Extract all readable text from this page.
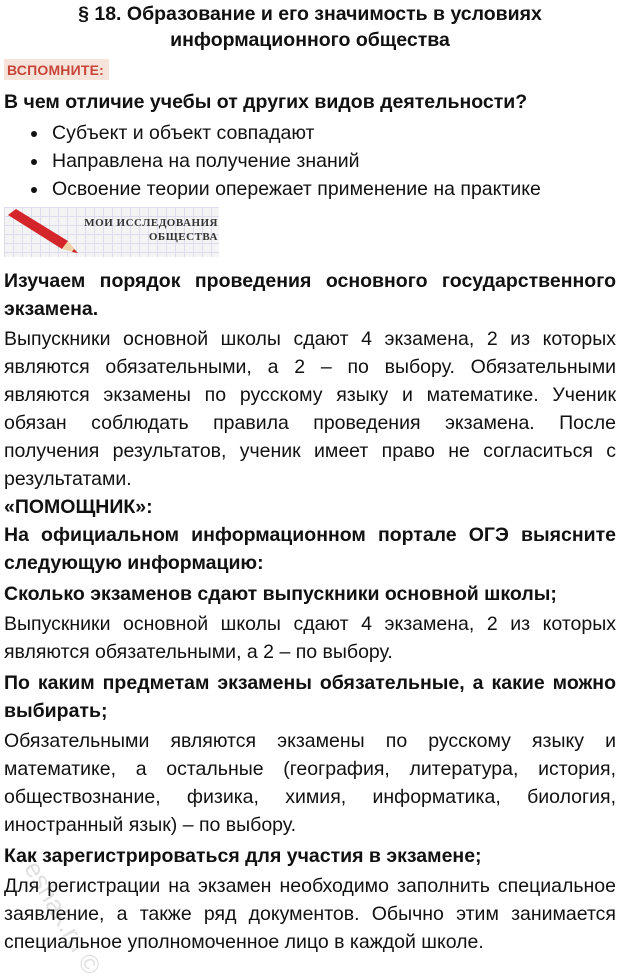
§ 18. Образование и его значимость в условиях
информационного общества

ВСПОМНИТЕ:

В чем отличие учебы от других видов деятельности?

Субъект и объект совпадают
Направлена на получение знаний
Освоение теории опережает применение на практике
МОИ ИССЛЕДОВАНИЯ
ОБЩЕСТВА

Изучаем порядок проведения основного государственного экзамена.

Выпускники основной школы сдают 4 экзамена, 2 из которых являются обязательными, а 2 – по выбору. Обязательными являются экзамены по русскому языку и математике. Ученик обязан соблюдать правила проведения экзамена. После получения результатов, ученик имеет право не согласиться с результатами.

«ПОМОЩНИК»:

На официальном информационном портале ОГЭ выясните следующую информацию:

Сколько экзаменов сдают выпускники основной школы;

Выпускники основной школы сдают 4 экзамена, 2 из которых являются обязательными, а 2 – по выбору.

По каким предметам экзамены обязательные, а какие можно выбирать;

Обязательными являются экзамены по русскому языку и математике, а остальные (география, литература, история, обществознание, физика, химия, информатика, биология, иностранный язык) – по выбору.

Как зарегистрироваться для участия в экзамене;

Для регистрации на экзамен необходимо заполнить специальное заявление, а также ряд документов. Обычно этим занимается специальное уполномоченное лицо в каждой школе.

reshak.ru ©
